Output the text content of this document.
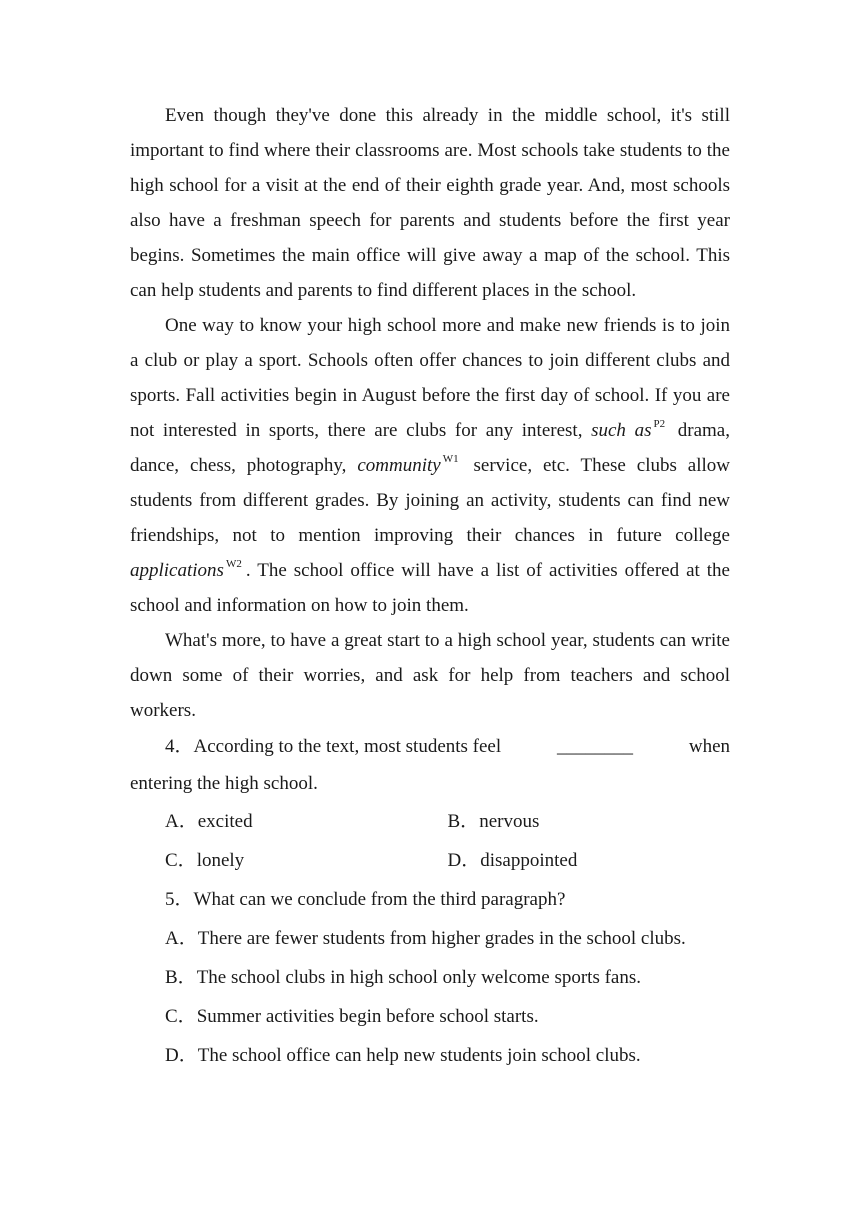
Even though they've done this already in the middle school, it's still important to find where their classrooms are. Most schools take students to the high school for a visit at the end of their eighth grade year. And, most schools also have a freshman speech for parents and students before the first year begins. Sometimes the main office will give away a map of the school. This can help students and parents to find different places in the school.

One way to know your high school more and make new friends is to join a club or play a sport. Schools often offer chances to join different clubs and sports. Fall activities begin in August before the first day of school. If you are not interested in sports, there are clubs for any interest, such as $^{P2}$ drama, dance, chess, photography, community $^{W1}$ service, etc. These clubs allow students from different grades. By joining an activity, students can find new friendships, not to mention improving their chances in future college applications $^{W2}$ . The school office will have a list of activities offered at the school and information on how to join them.

What's more, to have a great start to a high school year, students can write down some of their worries, and ask for help from teachers and school workers.

4．According to the text, most students feel	________	when
entering the high school.
A．excited	B．nervous
C．lonely	D．disappointed
5．What can we conclude from the third paragraph?
A．There are fewer students from higher grades in the school clubs.
B．The school clubs in high school only welcome sports fans.
C．Summer activities begin before school starts.
D．The school office can help new students join school clubs.
